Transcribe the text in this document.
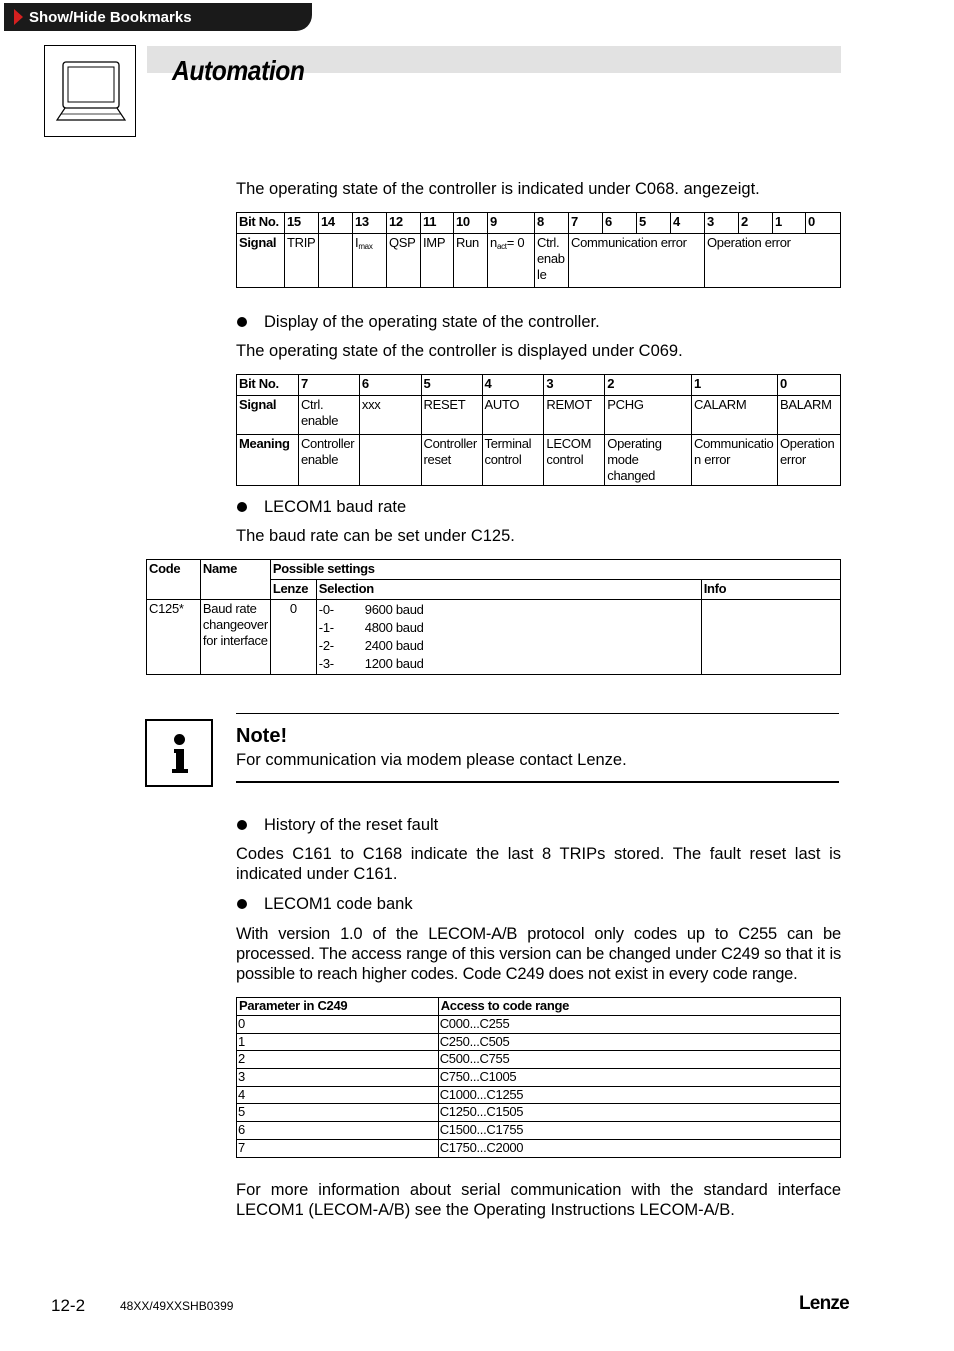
Show/Hide Bookmarks
Automation
The operating state of the controller is indicated under C068. angezeigt.
Bit No.	15	14	13	12	11	10	9	8	7	6	5	4	3	2	1	0
Signal	TRIP		$I_{max}$	QSP	IMP	Run	$n_{act}= 0$	Ctrl. enab le	Communication error				Operation error			
Display of the operating state of the controller.
The operating state of the controller is displayed under C069.
Bit No.	7	6	5	4	3	2	1	0
Signal	Ctrl. enable	xxx	RESET	AUTO	REMOT	PCHG	CALARM	BALARM
Meaning	Controller enable		Controller reset	Terminal control	LECOM control	Operating mode changed	Communicatio n error	Operation error
LECOM1 baud rate
The baud rate can be set under C125.
Code	Name	Possible settings		
		Lenze	Selection	Info
C125*	Baud rate changeover for interface	0	-0- 9600 baud
-1- 4800 baud
-2- 2400 baud
-3- 1200 baud	

Note!
For communication via modem please contact Lenze.
History of the reset fault
Codes C161 to C168 indicate the last 8 TRIPs stored. The fault reset last is indicated under C161.
LECOM1 code bank
With version 1.0 of the LECOM-A/B protocol only codes up to C255 can be processed. The access range of this version can be changed under C249 so that it is possible to reach higher codes. Code C249 does not exist in every code range.
Parameter in C249	Access to code range
0	C000...C255
1	C250...C505
2	C500...C755
3	C750...C1005
4	C1000...C1255
5	C1250...C1505
6	C1500...C1755
7	C1750...C2000
For more information about serial communication with the standard interface LECOM1 (LECOM-A/B) see the Operating Instructions LECOM-A/B.
12-2	48XX/49XXSHB0399	Lenze
